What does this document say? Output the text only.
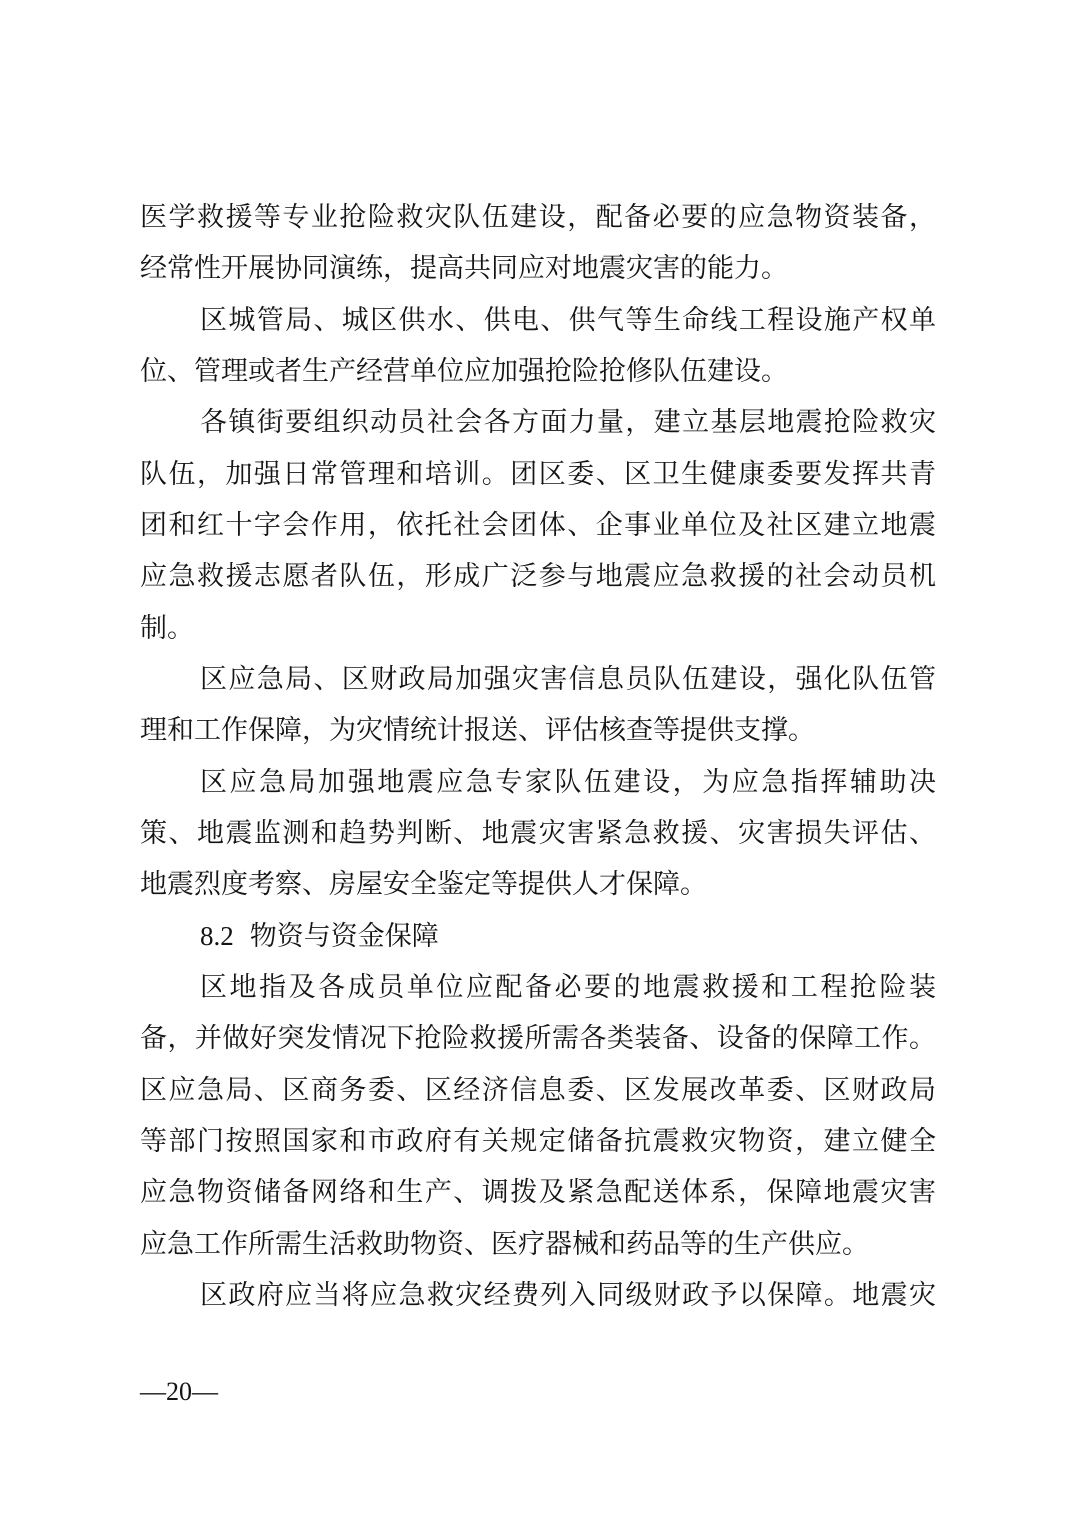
医学救援等专业抢险救灾队伍建设，配备必要的应急物资装备，
经常性开展协同演练，提高共同应对地震灾害的能力。
区城管局、城区供水、供电、供气等生命线工程设施产权单
位、管理或者生产经营单位应加强抢险抢修队伍建设。
各镇街要组织动员社会各方面力量，建立基层地震抢险救灾
队伍，加强日常管理和培训。团区委、区卫生健康委要发挥共青
团和红十字会作用，依托社会团体、企事业单位及社区建立地震
应急救援志愿者队伍，形成广泛参与地震应急救援的社会动员机
制。
区应急局、区财政局加强灾害信息员队伍建设，强化队伍管
理和工作保障，为灾情统计报送、评估核查等提供支撑。
区应急局加强地震应急专家队伍建设，为应急指挥辅助决
策、地震监测和趋势判断、地震灾害紧急救援、灾害损失评估、
地震烈度考察、房屋安全鉴定等提供人才保障。
8.2 物资与资金保障
区地指及各成员单位应配备必要的地震救援和工程抢险装
备，并做好突发情况下抢险救援所需各类装备、设备的保障工作。
区应急局、区商务委、区经济信息委、区发展改革委、区财政局
等部门按照国家和市政府有关规定储备抗震救灾物资，建立健全
应急物资储备网络和生产、调拨及紧急配送体系，保障地震灾害
应急工作所需生活救助物资、医疗器械和药品等的生产供应。
区政府应当将应急救灾经费列入同级财政予以保障。地震灾
—20—
